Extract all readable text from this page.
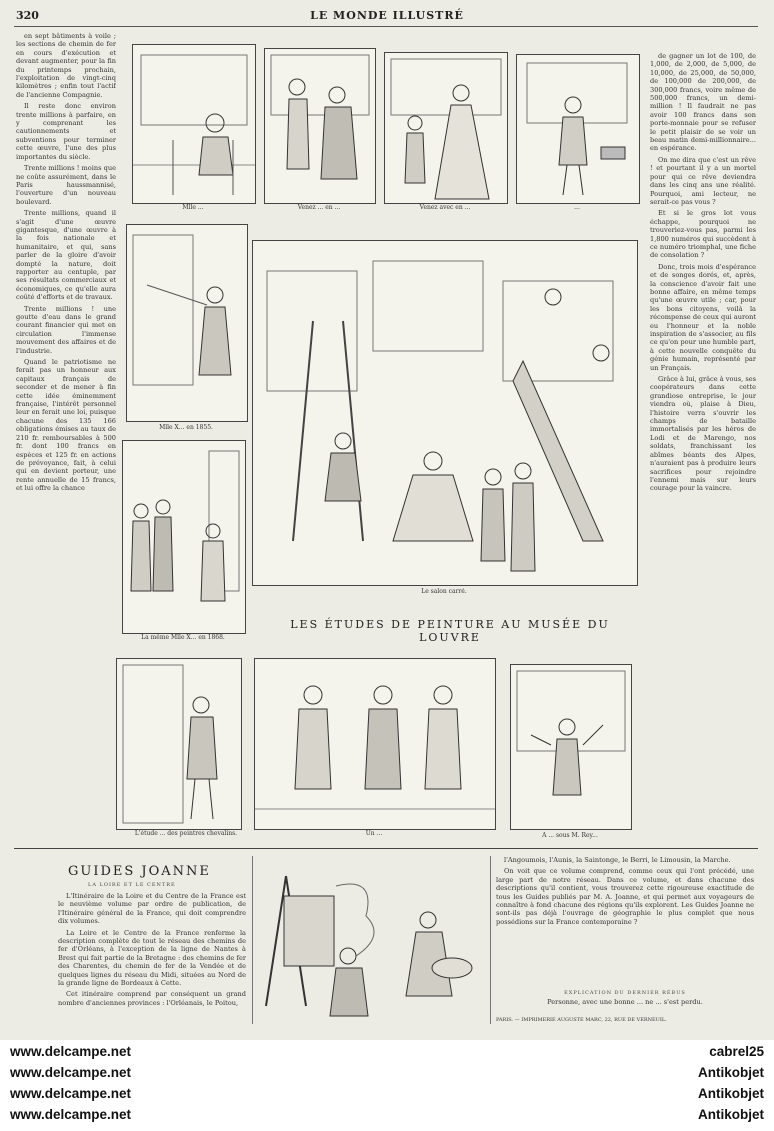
320	LE MONDE ILLUSTRÉ

en sept bâtiments à voile ; les sections de chemin de fer en cours d'exécution et devant augmenter, pour la fin du printemps prochain, l'exploitation de vingt-cinq kilomètres ; enfin tout l'actif de l'ancienne Compagnie.

Il reste donc environ trente millions à parfaire, en y comprenant les cautionnements et subventions pour terminer cette œuvre, l'une des plus importantes du siècle.

Trente millions ! moins que ne coûte assurément, dans le Paris haussmannisé, l'ouverture d'un nouveau boulevard.

Trente millions, quand il s'agit d'une œuvre gigantesque, d'une œuvre à la fois nationale et humanitaire, et qui, sans parler de la gloire d'avoir dompté la nature, doit rapporter au centuple, par ses résultats commerciaux et économiques, ce qu'elle aura coûté d'efforts et de travaux.

Trente millions ! une goutte d'eau dans le grand courant financier qui met en circulation l'immense mouvement des affaires et de l'industrie.

Quand le patriotisme ne ferait pas un honneur aux capitaux français de seconder et de mener à fin cette idée éminemment française, l'intérêt personnel leur en ferait une loi, puisque chacune des 135 166 obligations émises au taux de 210 fr. remboursables à 500 fr. dont 100 francs en espèces et 125 fr. en actions de prévoyance, fait, à celui qui en devient porteur, une rente annuelle de 15 francs, et lui offre la chance

de gagner un lot de 100, de 1,000, de 2,000, de 5,000, de 10,000, de 25,000, de 50,000, de 100,000 de 200,000, de 300,000 francs, voire même de 500,000 francs, un demi-million ! Il faudrait ne pas avoir 100 francs dans son porte-monnaie pour se refuser le petit plaisir de se voir un beau matin demi-millionnaire... en espérance.

On me dira que c'est un rêve ! et pourtant il y a un mortel pour qui ce rêve deviendra dans les cinq ans une réalité. Pourquoi, ami lecteur, ne serait-ce pas vous ?

Et si le gros lot vous échappe, pourquoi ne trouveriez-vous pas, parmi les 1,800 numéros qui succèdent à ce numéro triomphal, une fiche de consolation ?

Donc, trois mois d'espérance et de songes dorés, et, après, la conscience d'avoir fait une bonne affaire, en même temps qu'une œuvre utile ; car, pour les bons citoyens, voilà la récompense de ceux qui auront eu l'honneur et la noble inspiration de s'associer, au fils ce qu'on pour une humble part, à cette nouvelle conquête du génie humain, représenté par un Français.

Grâce à lui, grâce à vous, ses coopérateurs dans cette grandiose entreprise, le jour viendra où, plaise à Dieu, l'histoire verra s'ouvrir les champs de bataille immortalisés par les héros de Lodi et de Marengo, nos soldats, franchissant les abîmes béants des Alpes, n'auraient pas à produire leurs sacrifices pour rejoindre l'ennemi mais sur leurs courage pour la vaincre.

Mlle ...	Venez ... en ...	Venez avec en ...	...
Mlle X... en 1855.
La même Mlle X... en 1868.
Le salon carré.
LES ÉTUDES DE PEINTURE AU MUSÉE DU LOUVRE
L'étude ... des peintres chevalins.	Un ...	A ... sous M. Rey...
GUIDES JOANNE
LA LOIRE ET LE CENTRE

L'Itinéraire de la Loire et du Centre de la France est le neuvième volume par ordre de publication, de l'Itinéraire général de la France, qui doit comprendre dix volumes.

La Loire et le Centre de la France renferme la description complète de tout le réseau des chemins de fer d'Orléans, à l'exception de la ligne de Nantes à Brest qui fait partie de la Bretagne : des chemins de fer des Charentes, du chemin de fer de la Vendée et de quelques lignes du réseau du Midi, situées au Nord de la grande ligne de Bordeaux à Cette.

Cet itinéraire comprend par conséquent un grand nombre d'anciennes provinces : l'Orléanais, le Poitou,

l'Angoumois, l'Aunis, la Saintonge, le Berri, le Limousin, la Marche.

On voit que ce volume comprend, comme ceux qui l'ont précédé, une large part de notre réseau. Dans ce volume, et dans chacune des descriptions qu'il contient, vous trouverez cette rigoureuse exactitude de tous les Guides publiés par M. A. Joanne, et qui permet aux voyageurs de connaître à fond chacune des régions qu'ils explorent. Les Guides Joanne ne sont-ils pas déjà l'ouvrage de géographie le plus complet que nous possédions sur la France contemporaine ?

EXPLICATION DU DERNIER RÉBUS
Personne, avec une bonne ... ne ... s'est perdu.
PARIS. — IMPRIMERIE AUGUSTE MARC, 22, RUE DE VERNEUIL.
www.delcampe.net
www.delcampe.net
www.delcampe.net
www.delcampe.net
cabrel25
Antikobjet
Antikobjet
Antikobjet
